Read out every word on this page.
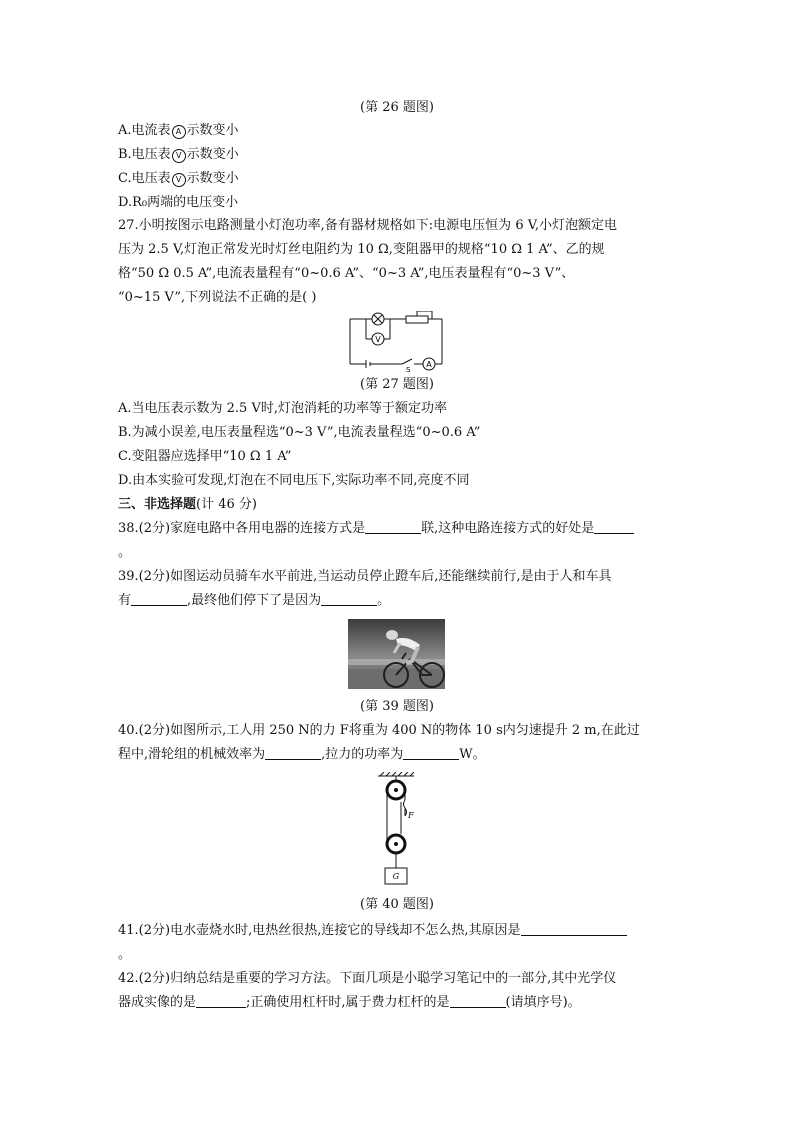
(第 26 题图)
A.电流表 A 示数变小
B.电压表 V 示数变小
C.电压表 V 示数变小
D.R₀两端的电压变小
27.小明按图示电路测量小灯泡功率,备有器材规格如下:电源电压恒为 6 V,小灯泡额定电
压为 2.5 V,灯泡正常发光时灯丝电阻约为 10 Ω,变阻器甲的规格“10 Ω 1 A”、乙的规
格“50 Ω 0.5 A”,电流表量程有“0~0.6 A”、“0~3 A”,电压表量程有“0~3 V”、
“0~15 V”,下列说法不正确的是( )
V
A
S
(第 27 题图)
A.当电压表示数为 2.5 V时,灯泡消耗的功率等于额定功率
B.为减小误差,电压表量程选“0~3 V”,电流表量程选“0~0.6 A”
C.变阻器应选择甲“10 Ω 1 A”
D.由本实验可发现,灯泡在不同电压下,实际功率不同,亮度不同
三、非选择题(计 46 分)
38.(2分)家庭电路中各用电器的连接方式是	联,这种电路连接方式的好处是
。
39.(2分)如图运动员骑车水平前进,当运动员停止蹬车后,还能继续前行,是由于人和车具
有	,最终他们停下了是因为	。
(第 39 题图)
40.(2分)如图所示,工人用 250 N的力 F将重为 400 N的物体 10 s内匀速提升 2 m,在此过
程中,滑轮组的机械效率为	,拉力的功率为	W。
F
G
(第 40 题图)
41.(2分)电水壶烧水时,电热丝很热,连接它的导线却不怎么热,其原因是
。
42.(2分)归纳总结是重要的学习方法。下面几项是小聪学习笔记中的一部分,其中光学仪
器成实像的是	;正确使用杠杆时,属于费力杠杆的是	(请填序号)。
